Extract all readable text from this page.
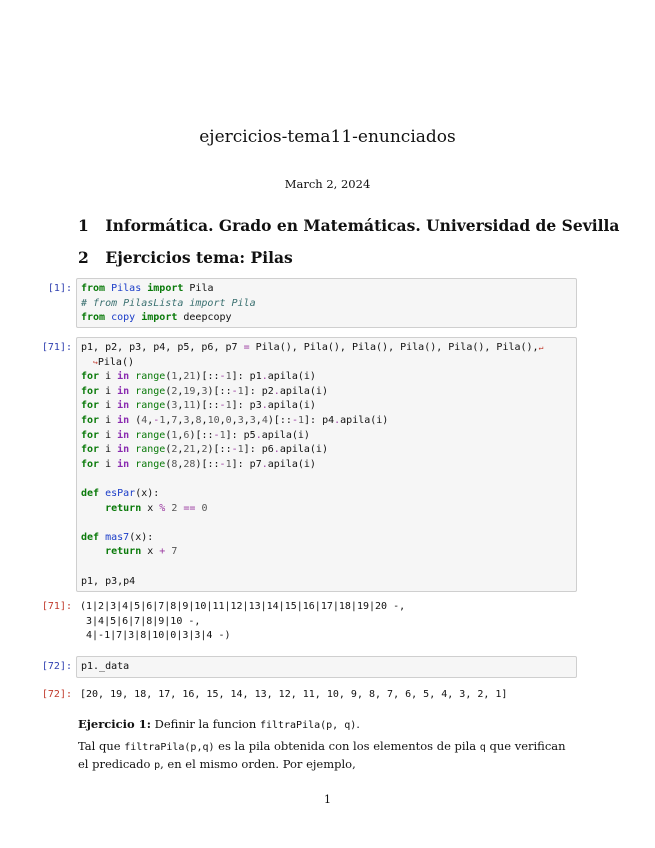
ejercicios-tema11-enunciados
March 2, 2024
1 Informática. Grado en Matemáticas. Universidad de Sevilla
2 Ejercicios tema: Pilas
[1]: from Pilas import Pila
# from PilasLista import Pila
from copy import deepcopy
[71]: p1, p2, p3, p4, p5, p6, p7 = Pila(), Pila(), Pila(), Pila(), Pila(), Pila(),↵
↪Pila()
for i in range(1,21)[::-1]: p1.apila(i)
for i in range(2,19,3)[::-1]: p2.apila(i)
for i in range(3,11)[::-1]: p3.apila(i)
for i in (4,-1,7,3,8,10,0,3,3,4)[::-1]: p4.apila(i)
for i in range(1,6)[::-1]: p5.apila(i)
for i in range(2,21,2)[::-1]: p6.apila(i)
for i in range(8,28)[::-1]: p7.apila(i)

def esPar(x):
return x % 2 == 0

def mas7(x):
return x + 7

p1, p3,p4
[71]: (1|2|3|4|5|6|7|8|9|10|11|12|13|14|15|16|17|18|19|20 -,
3|4|5|6|7|8|9|10 -,
4|-1|7|3|8|10|0|3|3|4 -)
[72]: p1._data
[72]: [20, 19, 18, 17, 16, 15, 14, 13, 12, 11, 10, 9, 8, 7, 6, 5, 4, 3, 2, 1]
Ejercicio 1: Definir la funcion filtraPila(p, q).
Tal que filtraPila(p,q) es la pila obtenida con los elementos de pila q que verifican el predicado p, en el mismo orden. Por ejemplo,
1
